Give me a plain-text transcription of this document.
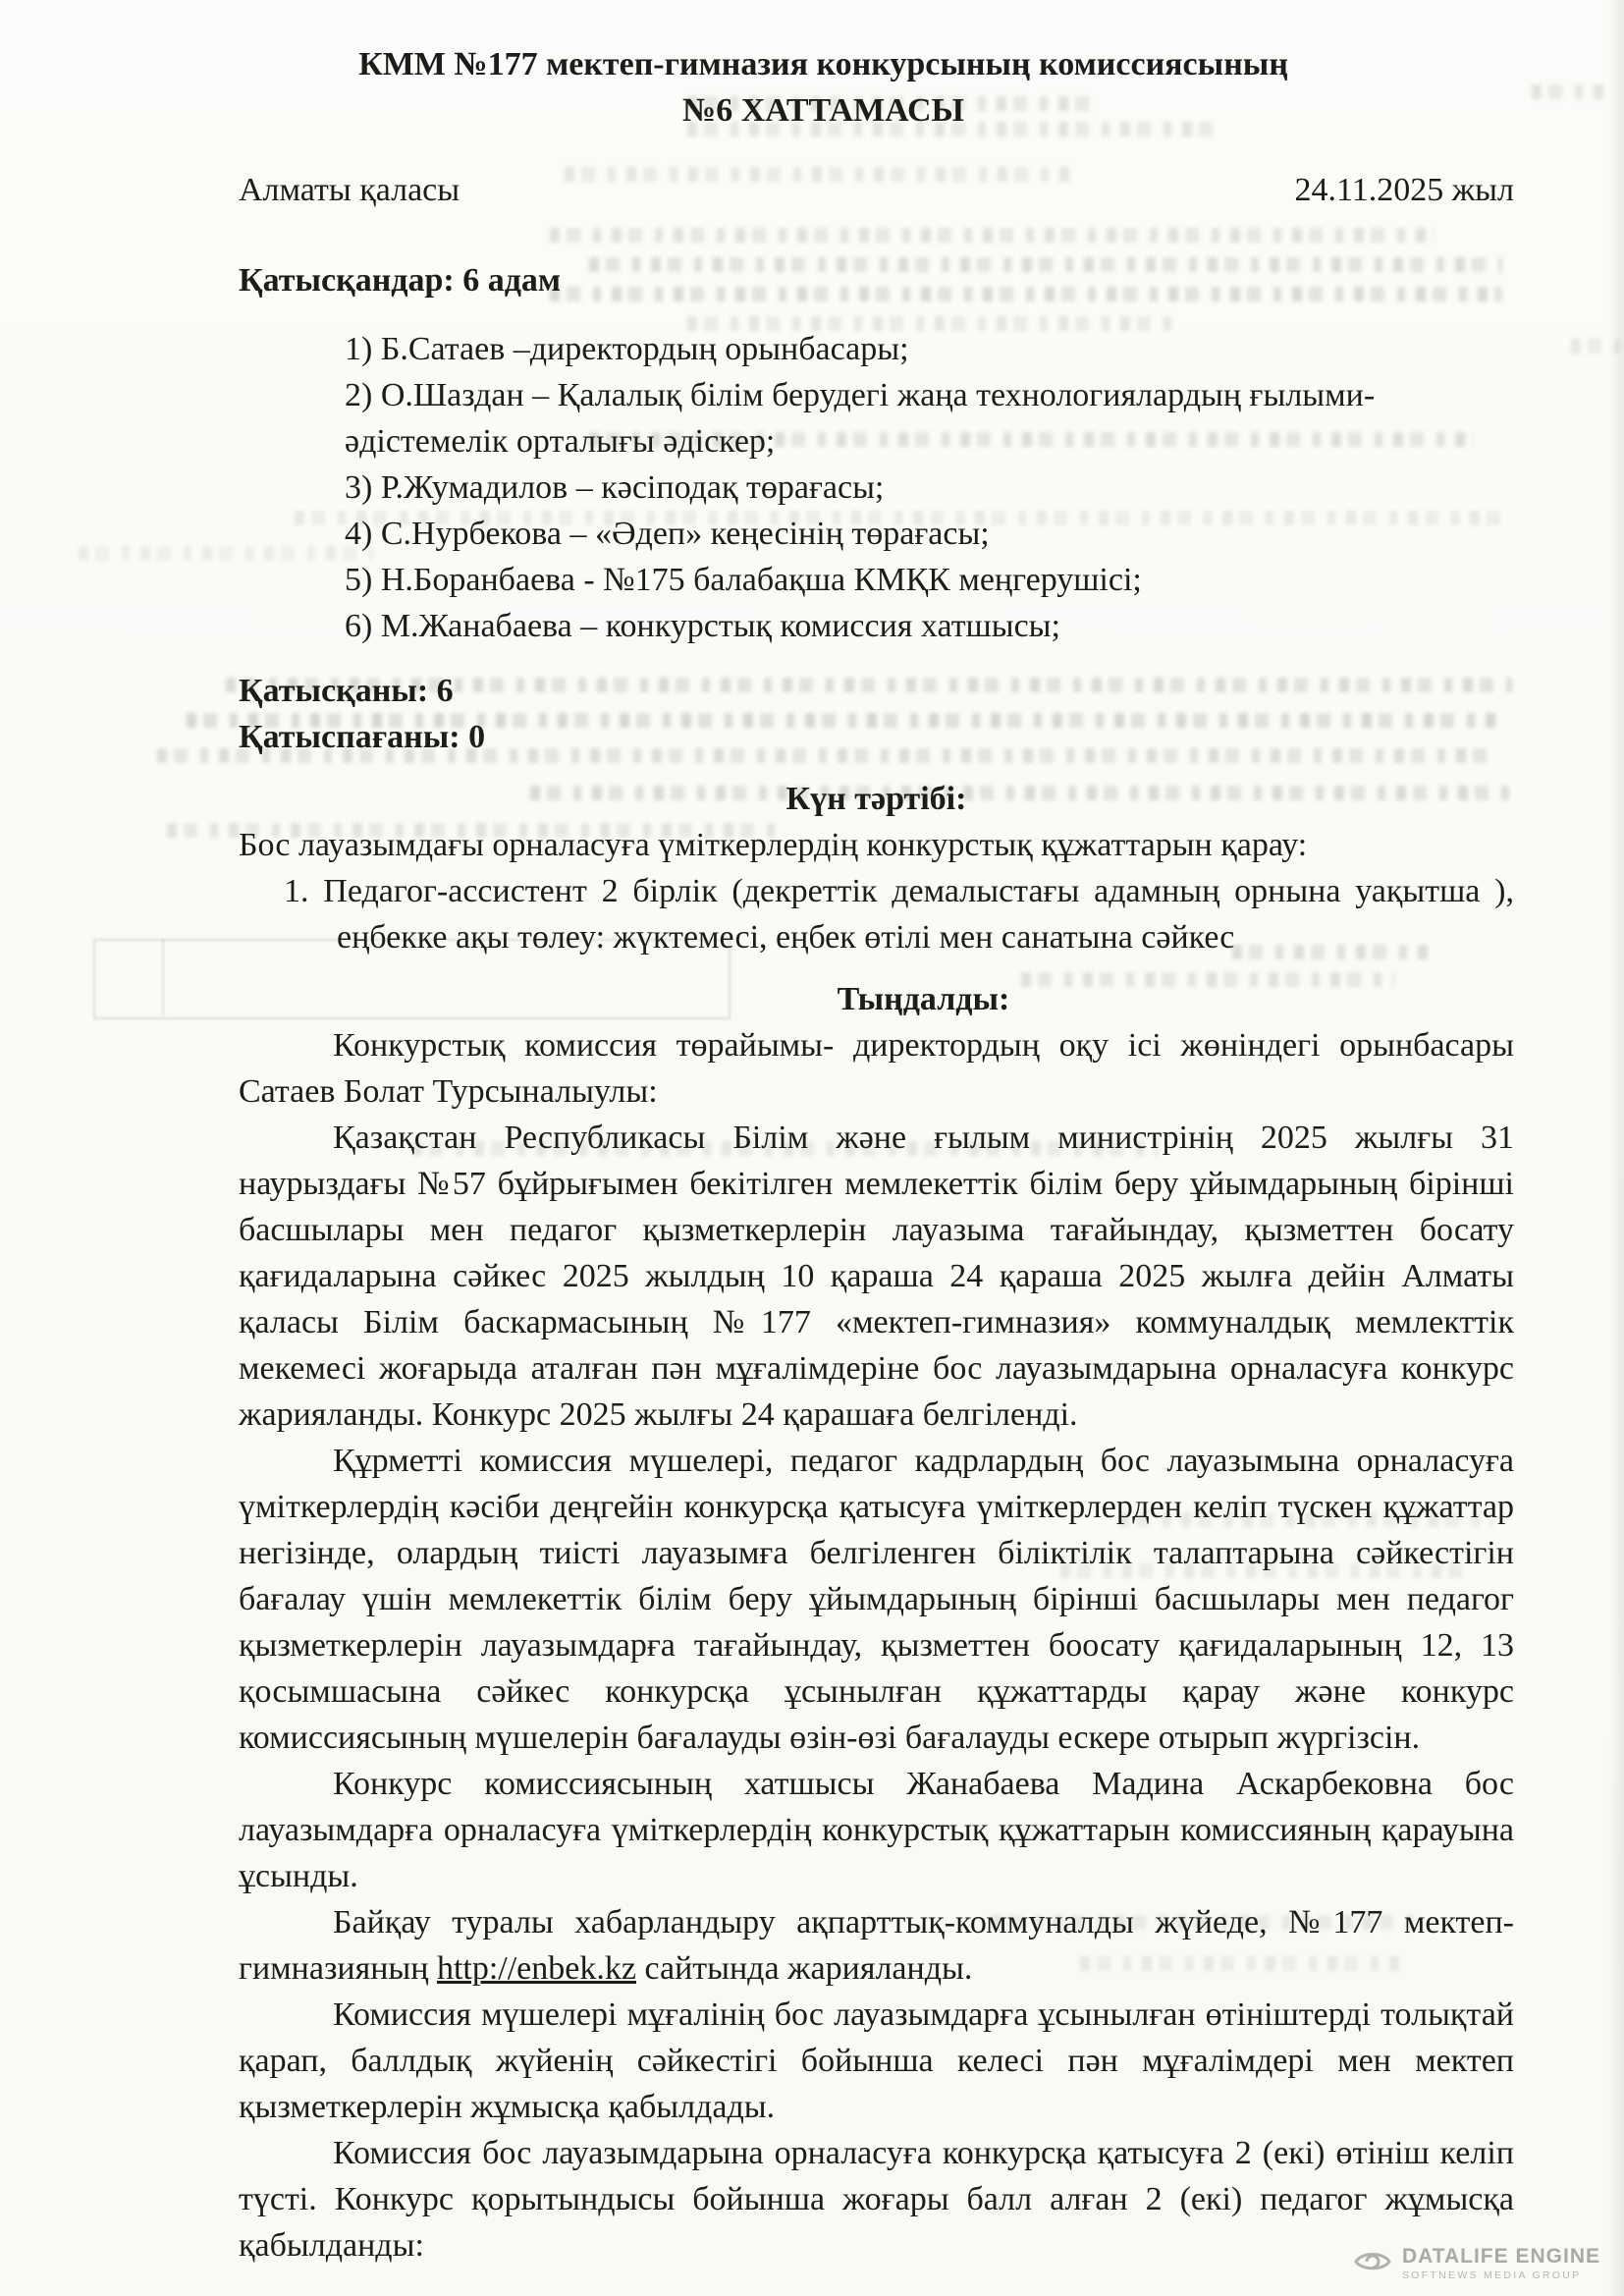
КММ №177 мектеп-гимназия конкурсының комиссиясының
№6 ХАТТАМАСЫ
Алматы қаласы	24.11.2025 жыл
Қатысқандар: 6 адам
1) Б.Сатаев –директордың орынбасары;
2) О.Шаздан – Қалалық білім берудегі жаңа технологиялардың ғылыми-әдістемелік орталығы әдіскер;
3) Р.Жумадилов – кәсіподақ төрағасы;
4) С.Нурбекова – «Әдеп» кеңесінің төрағасы;
5) Н.Боранбаева - №175 балабақша КМҚК меңгерушісі;
6) М.Жанабаева – конкурстық комиссия хатшысы;
Қатысқаны: 6
Қатыспағаны: 0
Күн тәртібі:
Бос лауазымдағы орналасуға үміткерлердің конкурстық құжаттарын қарау:
1. Педагог-ассистент 2 бірлік (декреттік демалыстағы адамның орнына уақытша ), еңбекке ақы төлеу: жүктемесі, еңбек өтілі мен санатына сәйкес
Тыңдалды:

Конкурстық комиссия төрайымы- директордың оқу ісі жөніндегі орынбасары Сатаев Болат Турсыналыулы:

Қазақстан Республикасы Білім және ғылым министрінің 2025 жылғы 31 наурыздағы №57 бұйрығымен бекітілген мемлекеттік білім беру ұйымдарының бірінші басшылары мен педагог қызметкерлерін лауазыма тағайындау, қызметтен босату қағидаларына сәйкес 2025 жылдың 10 қараша 24 қараша 2025 жылға дейін Алматы қаласы Білім баскармасының №177 «мектеп-гимназия» коммуналдық мемлекттік мекемесі жоғарыда аталған пән мұғалімдеріне бос лауазымдарына орналасуға конкурс жарияланды. Конкурс 2025 жылғы 24 қарашаға белгіленді.

Құрметті комиссия мүшелері, педагог кадрлардың бос лауазымына орналасуға үміткерлердің кәсіби деңгейін конкурсқа қатысуға үміткерлерден келіп түскен құжаттар негізінде, олардың тиісті лауазымға белгіленген біліктілік талаптарына сәйкестігін бағалау үшін мемлекеттік білім беру ұйымдарының бірінші басшылары мен педагог қызметкерлерін лауазымдарға тағайындау, қызметтен боосату қағидаларының 12, 13 қосымшасына сәйкес конкурсқа ұсынылған құжаттарды қарау және конкурс комиссиясының мүшелерін бағалауды өзін-өзі бағалауды ескере отырып жүргізсін.

Конкурс комиссиясының хатшысы Жанабаева Мадина Аскарбековна бос лауазымдарға орналасуға үміткерлердің конкурстық құжаттарын комиссияның қарауына ұсынды.

Байқау туралы хабарландыру ақпарттық-коммуналды жүйеде, №177 мектеп-гимназияның http://enbek.kz сайтында жарияланды.

Комиссия мүшелері мұғалінің бос лауазымдарға ұсынылған өтініштерді толықтай қарап, баллдық жүйенің сәйкестігі бойынша келесі пән мұғалімдері мен мектеп қызметкерлерін жұмысқа қабылдады.

Комиссия бос лауазымдарына орналасуға конкурсқа қатысуға 2 (екі) өтініш келіп түсті. Конкурс қорытындысы бойынша жоғары балл алған 2 (екі) педагог жұмысқа қабылданды:	DATALIFE ENGINE
SOFTNEWS MEDIA GROUP
